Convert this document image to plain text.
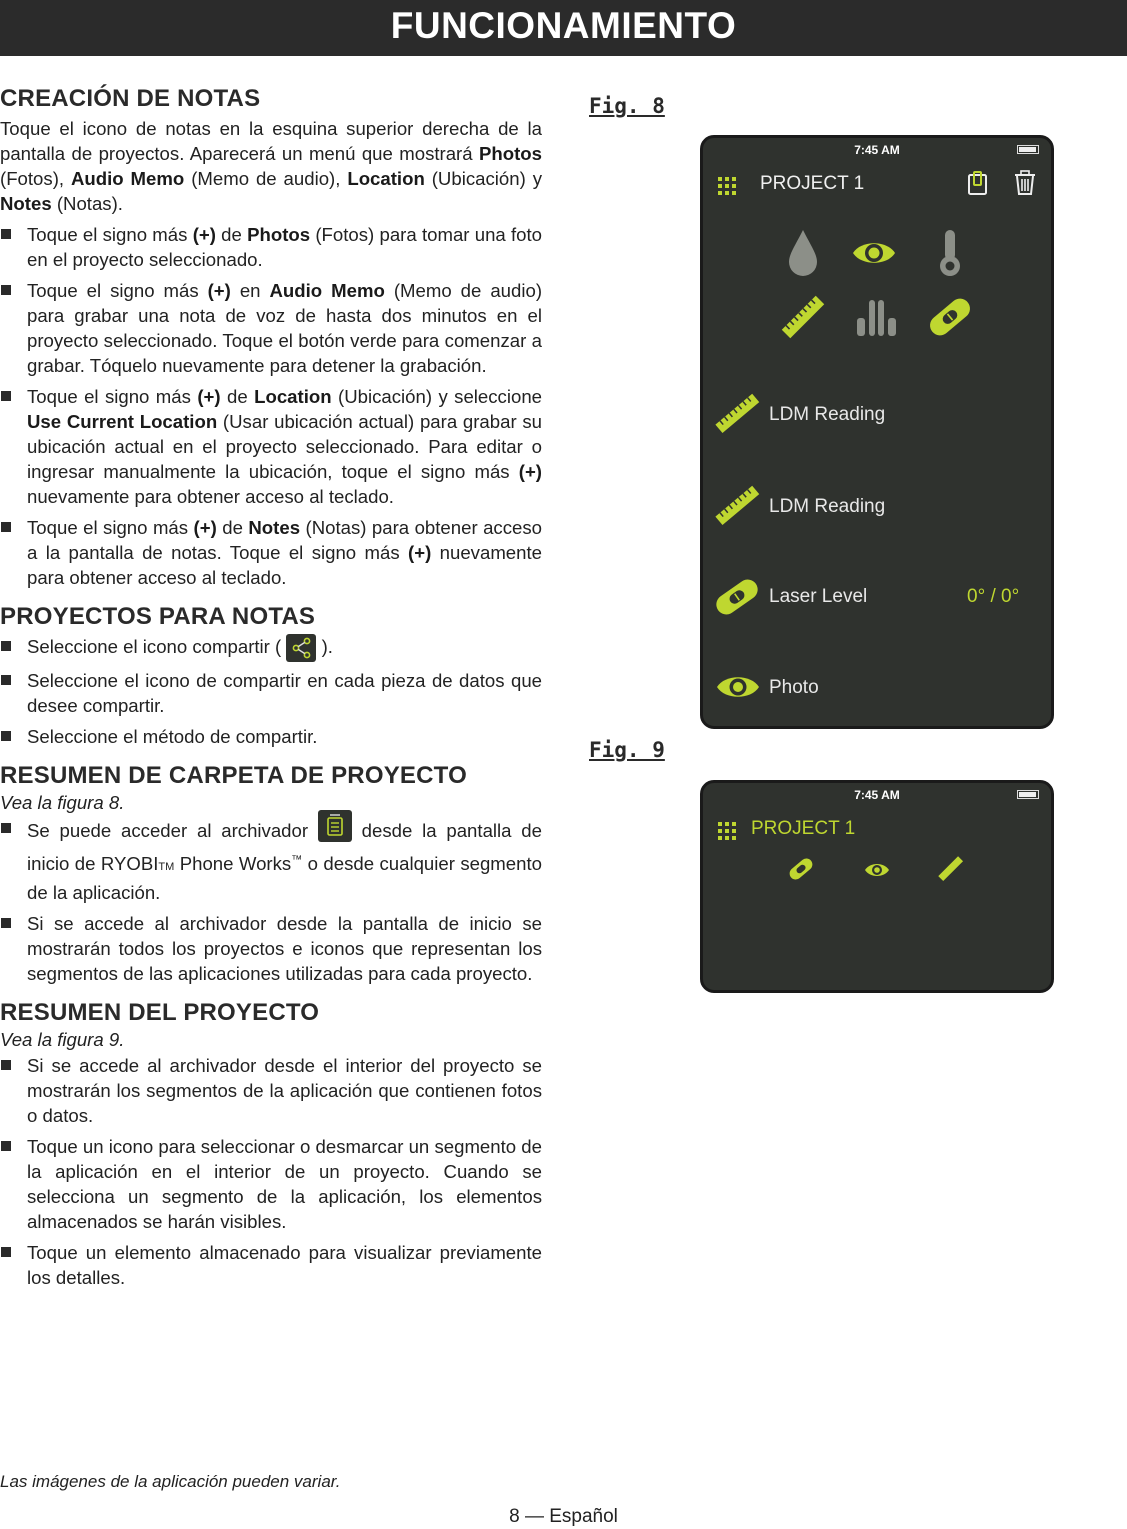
FUNCIONAMIENTO
CREACIÓN DE NOTAS

Toque el icono de notas en la esquina superior derecha de la pantalla de proyectos. Aparecerá un menú que mostrará Photos (Fotos), Audio Memo (Memo de audio), Location (Ubicación) y Notes (Notas).

Toque el signo más (+) de Photos (Fotos) para tomar una foto en el proyecto seleccionado.
Toque el signo más (+) en Audio Memo (Memo de audio) para grabar una nota de voz de hasta dos minutos en el proyecto seleccionado. Toque el botón verde para comenzar a grabar. Tóquelo nuevamente para detener la grabación.
Toque el signo más (+) de Location (Ubicación) y seleccione Use Current Location (Usar ubicación actual) para grabar su ubicación actual en el proyecto seleccionado. Para editar o ingresar manualmente la ubicación, toque el signo más (+) nuevamente para obtener acceso al teclado.
Toque el signo más (+) de Notes (Notas) para obtener acceso a la pantalla de notas. Toque el signo más (+) nuevamente para obtener acceso al teclado.
PROYECTOS PARA NOTAS
Seleccione el icono compartir (  ).
Seleccione el icono de compartir en cada pieza de datos que desee compartir.
Seleccione el método de compartir.
RESUMEN DE CARPETA DE PROYECTO

Vea la figura 8.

Se puede acceder al archivador  desde la pantalla de inicio de RYOBITM Phone Works™ o desde cualquier segmento de la aplicación.
Si se accede al archivador desde la pantalla de inicio se mostrarán todos los proyectos e iconos que representan los segmentos de las aplicaciones utilizadas para cada proyecto.
RESUMEN DEL PROYECTO

Vea la figura 9.

Si se accede al archivador desde el interior del proyecto se mostrarán los segmentos de la aplicación que contienen fotos o datos.
Toque un icono para seleccionar o desmarcar un segmento de la aplicación en el interior de un proyecto. Cuando se selecciona un segmento de la aplicación, los elementos almacenados se harán visibles.
Toque un elemento almacenado para visualizar previamente los detalles.
Las imágenes de la aplicación pueden variar.
8 — Español
Fig. 8
7:45 AM
PROJECT 1
LDM Reading
LDM Reading
Laser Level	0° / 0°
Photo
Fig. 9
7:45 AM
PROJECT 1
